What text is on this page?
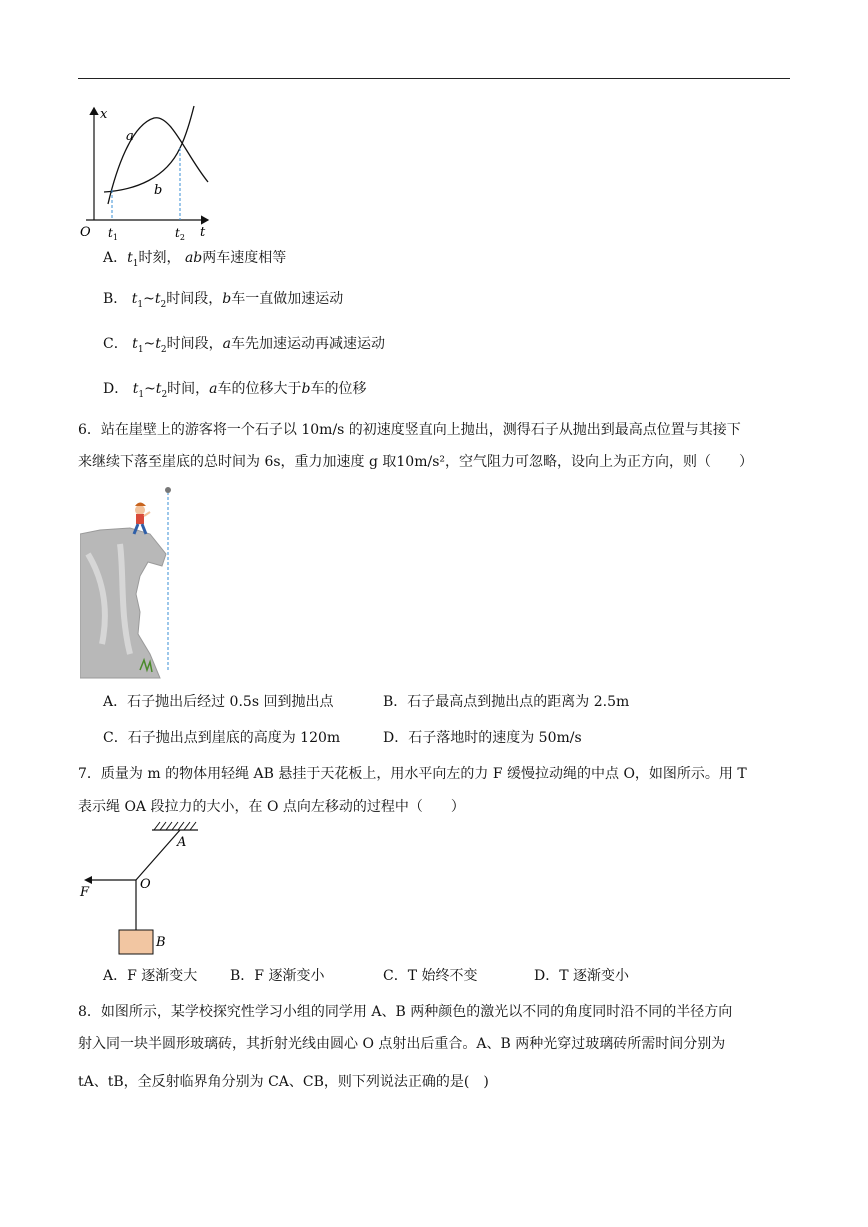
x
t
O $t_1$	$t_2$
a
b
A．$t_1$时刻， ab两车速度相等
B． $t_1\sim t_2$时间段，b车一直做加速运动
C． $t_1\sim t_2$时间段，a车先加速运动再减速运动
D． $t_1\sim t_2$时间，a车的位移大于b车的位移
6．站在崖壁上的游客将一个石子以 10m/s 的初速度竖直向上抛出，测得石子从抛出到最高点位置与其接下
来继续下落至崖底的总时间为 6s，重力加速度 g 取10m/s²，空气阻力可忽略，设向上为正方向，则（　　）
A．石子抛出后经过 0.5s 回到抛出点	B．石子最高点到抛出点的距离为 2.5m
C．石子抛出点到崖底的高度为 120m	D．石子落地时的速度为 50m/s
7．质量为 m 的物体用轻绳 AB 悬挂于天花板上，用水平向左的力 F 缓慢拉动绳的中点 O，如图所示。用 T
表示绳 OA 段拉力的大小，在 O 点向左移动的过程中（　　）
A
O
F
B
A．F 逐渐变大 B．F 逐渐变小	C．T 始终不变	D．T 逐渐变小
8．如图所示，某学校探究性学习小组的同学用 A、B 两种颜色的激光以不同的角度同时沿不同的半径方向
射入同一块半圆形玻璃砖，其折射光线由圆心 O 点射出后重合。A、B 两种光穿过玻璃砖所需时间分别为
tA、tB，全反射临界角分别为 CA、CB，则下列说法正确的是(　)
